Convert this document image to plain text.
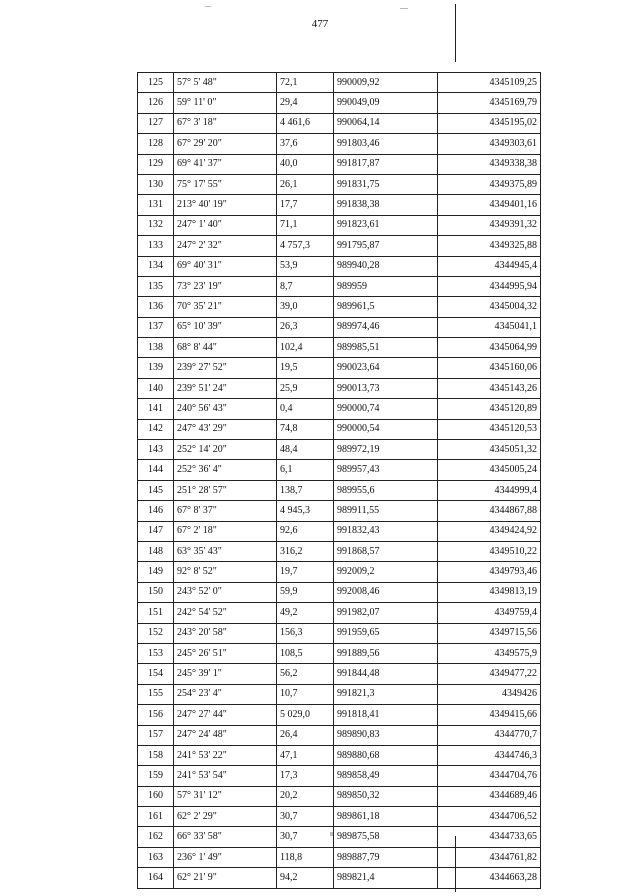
477
125	57° 5' 48"	72,1	990009,92	4345109,25
126	59° 11' 0"	29,4	990049,09	4345169,79
127	67° 3' 18"	4 461,6	990064,14	4345195,02
128	67° 29' 20"	37,6	991803,46	4349303,61
129	69° 41' 37"	40,0	991817,87	4349338,38
130	75° 17' 55"	26,1	991831,75	4349375,89
131	213° 40' 19"	17,7	991838,38	4349401,16
132	247° 1' 40"	71,1	991823,61	4349391,32
133	247° 2' 32"	4 757,3	991795,87	4349325,88
134	69° 40' 31"	53,9	989940,28	4344945,4
135	73° 23' 19"	8,7	989959	4344995,94
136	70° 35' 21"	39,0	989961,5	4345004,32
137	65° 10' 39"	26,3	989974,46	4345041,1
138	68° 8' 44"	102,4	989985,51	4345064,99
139	239° 27' 52"	19,5	990023,64	4345160,06
140	239° 51' 24"	25,9	990013,73	4345143,26
141	240° 56' 43"	0,4	990000,74	4345120,89
142	247° 43' 29"	74,8	990000,54	4345120,53
143	252° 14' 20"	48,4	989972,19	4345051,32
144	252° 36' 4"	6,1	989957,43	4345005,24
145	251° 28' 57"	138,7	989955,6	4344999,4
146	67° 8' 37"	4 945,3	989911,55	4344867,88
147	67° 2' 18"	92,6	991832,43	4349424,92
148	63° 35' 43"	316,2	991868,57	4349510,22
149	92° 8' 52"	19,7	992009,2	4349793,46
150	243° 52' 0"	59,9	992008,46	4349813,19
151	242° 54' 52"	49,2	991982,07	4349759,4
152	243° 20' 58"	156,3	991959,65	4349715,56
153	245° 26' 51"	108,5	991889,56	4349575,9
154	245° 39' 1"	56,2	991844,48	4349477,22
155	254° 23' 4"	10,7	991821,3	4349426
156	247° 27' 44"	5 029,0	991818,41	4349415,66
157	247° 24' 48"	26,4	989890,83	4344770,7
158	241° 53' 22"	47,1	989880,68	4344746,3
159	241° 53' 54"	17,3	989858,49	4344704,76
160	57° 31' 12"	20,2	989850,32	4344689,46
161	62° 2' 29"	30,7	989861,18	4344706,52
162	66° 33' 58"	30,7	989875,58	4344733,65
163	236° 1' 49"	118,8	989887,79	4344761,82
164	62° 21' 9"	94,2	989821,4	4344663,28
